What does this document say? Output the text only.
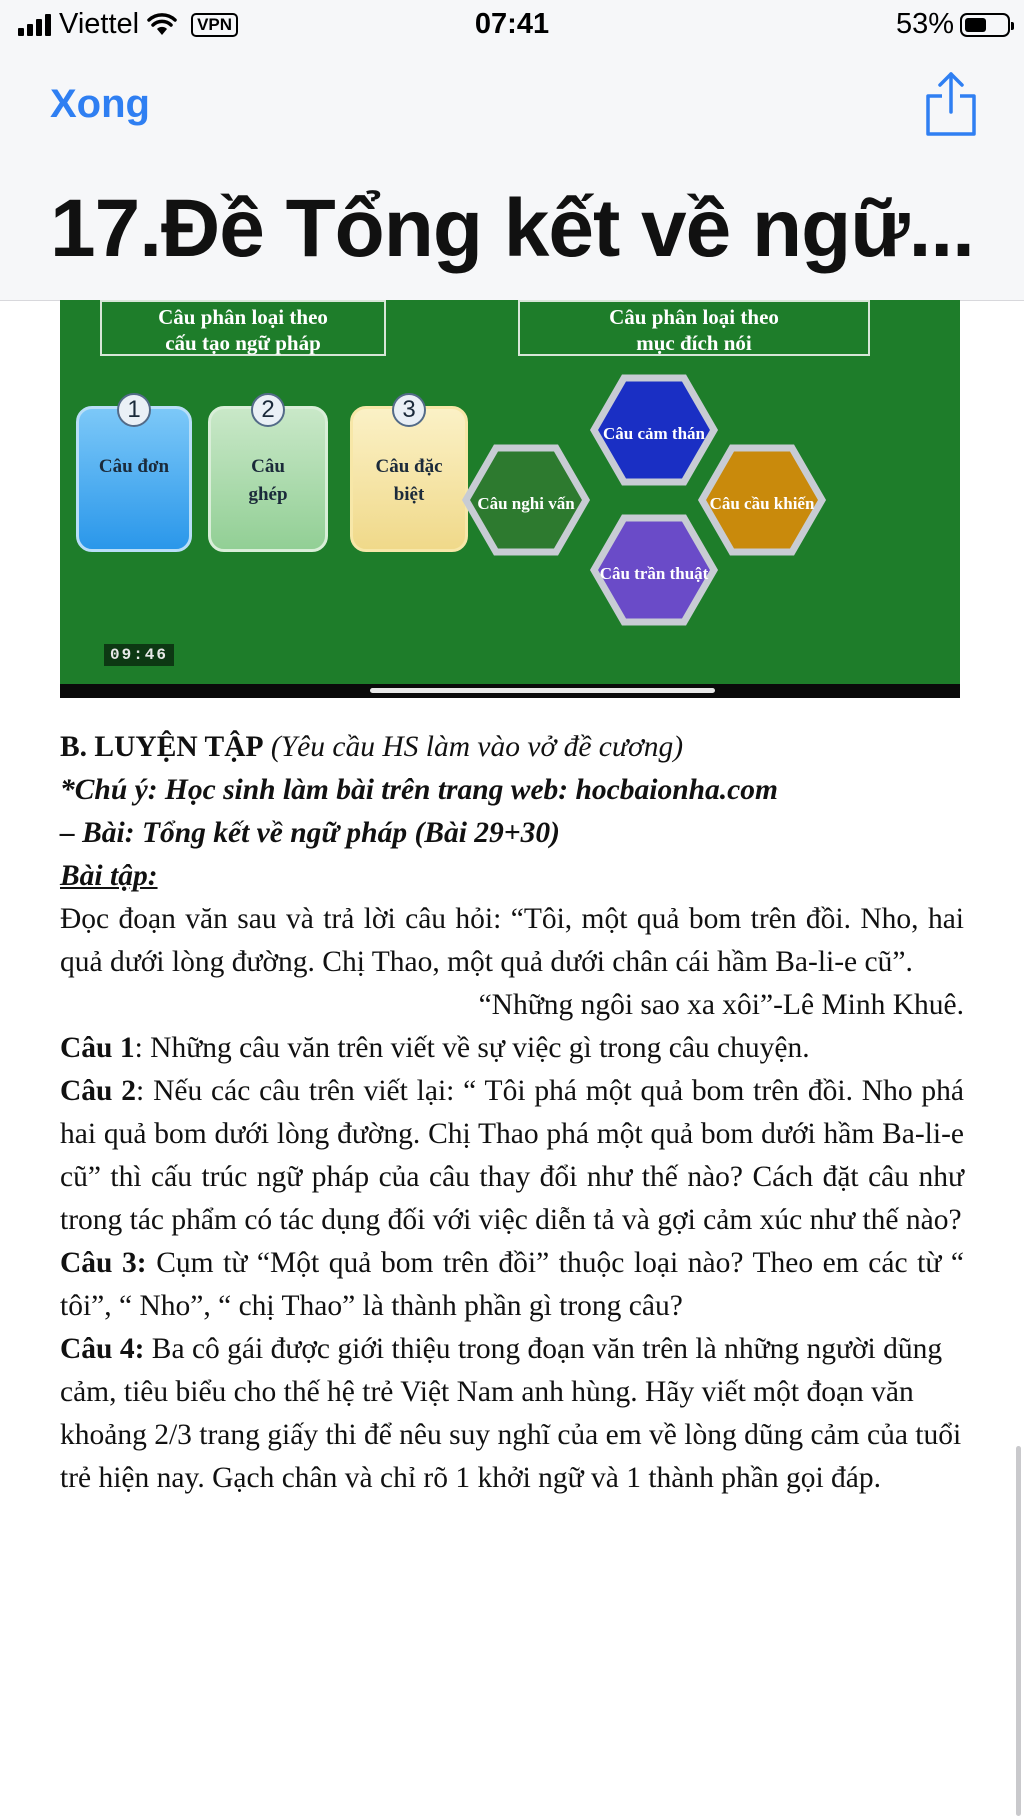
Viettel	VPN	07:41	53%
Xong
17.Đề Tổng kết về ngữ...
Câu phân loại theo
cấu tạo ngữ pháp
Câu phân loại theo
mục đích nói
1
Câu đơn
2
Câu
ghép
3
Câu đặc
biệt
Câu cảm thán
Câu nghi vấn	Câu cầu khiến
Câu trần thuật
09:46

B. LUYỆN TẬP (Yêu cầu HS làm vào vở đề cương)

*Chú ý: Học sinh làm bài trên trang web: hocbaionha.com

– Bài: Tổng kết về ngữ pháp (Bài 29+30)

Bài tập:

Đọc đoạn văn sau và trả lời câu hỏi: “Tôi, một quả bom trên đồi. Nho, hai quả dưới lòng đường. Chị Thao, một quả dưới chân cái hầm Ba-li-e cũ”.

“Những ngôi sao xa xôi”-Lê Minh Khuê.

Câu 1: Những câu văn trên viết về sự việc gì trong câu chuyện.

Câu 2: Nếu các câu trên viết lại: “ Tôi phá một quả bom trên đồi. Nho phá hai quả bom dưới lòng đường. Chị Thao phá một quả bom dưới hầm Ba-li-e cũ” thì cấu trúc ngữ pháp của câu thay đổi như thế nào? Cách đặt câu như trong tác phẩm có tác dụng đối với việc diễn tả và gợi cảm xúc như thế nào?

Câu 3: Cụm từ “Một quả bom trên đồi” thuộc loại nào? Theo em các từ “ tôi”, “ Nho”, “ chị Thao” là thành phần gì trong câu?

Câu 4: Ba cô gái được giới thiệu trong đoạn văn trên là những người dũng cảm, tiêu biểu cho thế hệ trẻ Việt Nam anh hùng. Hãy viết một đoạn văn khoảng 2/3 trang giấy thi để nêu suy nghĩ của em về lòng dũng cảm của tuổi trẻ hiện nay. Gạch chân và chỉ rõ 1 khởi ngữ và 1 thành phần gọi đáp.
